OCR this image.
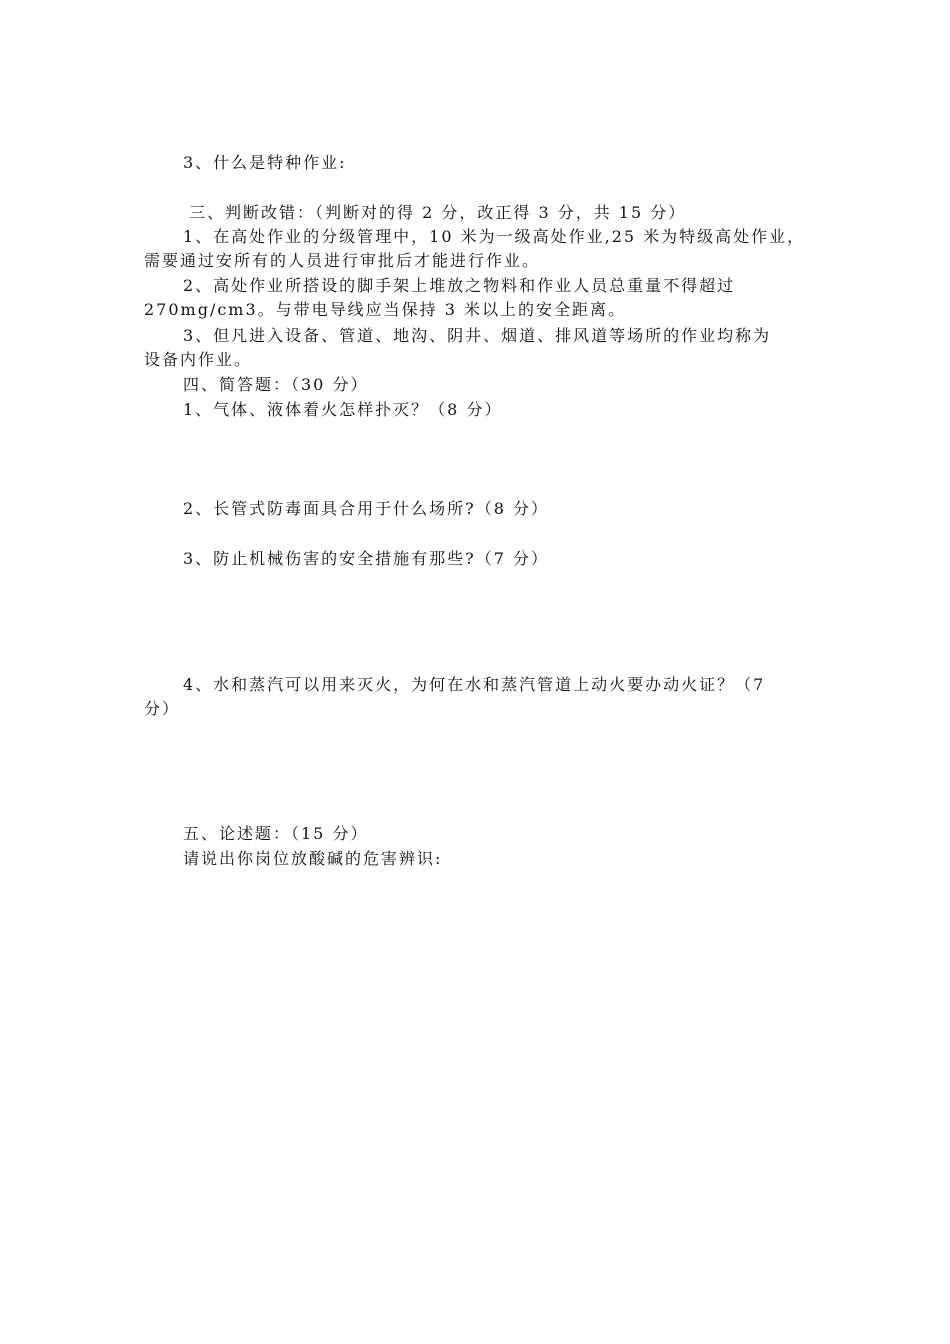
3、什么是特种作业:
三、判断改错：（判断对的得 2 分，改正得 3 分，共 15 分）
1、在高处作业的分级管理中，10 米为一级高处作业,25 米为特级高处作业，
需要通过安所有的人员进行审批后才能进行作业。
2、高处作业所搭设的脚手架上堆放之物料和作业人员总重量不得超过
270mg/cm3。与带电导线应当保持 3 米以上的安全距离。
3、但凡进入设备、管道、地沟、阴井、烟道、排风道等场所的作业均称为
设备内作业。
四、简答题：（30 分）
1、气体、液体着火怎样扑灭？（8 分）
2、长管式防毒面具合用于什么场所?（8 分）
3、防止机械伤害的安全措施有那些?（7 分）
4、水和蒸汽可以用来灭火，为何在水和蒸汽管道上动火要办动火证？（7
分）
五、论述题：（15 分）
请说出你岗位放酸碱的危害辨识:
